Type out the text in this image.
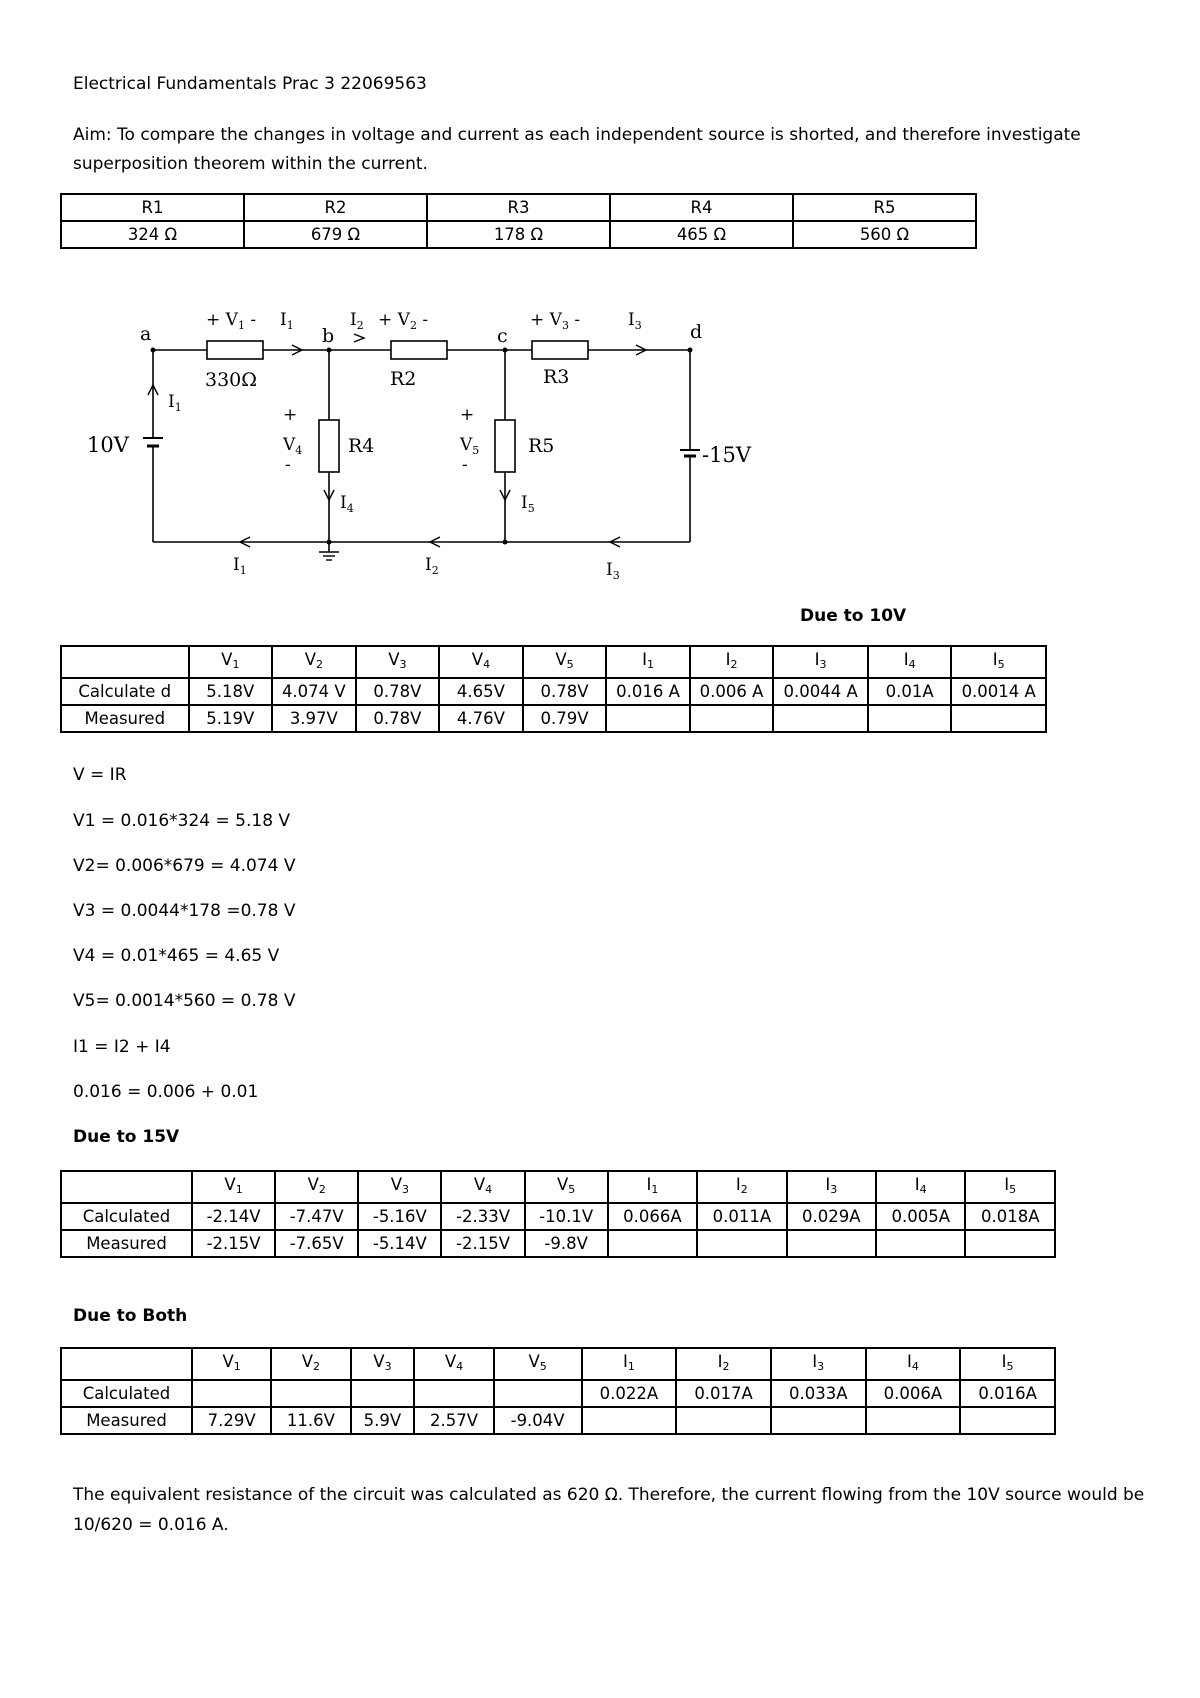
Electrical Fundamentals Prac 3 22069563
Aim: To compare the changes in voltage and current as each independent source is shorted, and therefore investigate superposition theorem within the current.
R1	R2	R3	R4	R5
324 Ω	679 Ω	178 Ω	465 Ω	560 Ω
a	b	c	d
10V	-15V
330Ω	R2	R3
R4	R5
+ $V_1 - I_1$	$I_2 + V_2$ -	+ $V_3$ -	$I_3$
$I_1$	+
$V_4$
-
+
$V_5$
-
$I_4$	$I_5$
$I_1$	$I_2$	$I_3$
Due to 10V
	$V_1$	$V_2$	$V_3$	$V_4$	$V_5$	$I_1$	$I_2$	$I_3$	$I_4$	$I_5$
Calculate d	5.18V	4.074 V	0.78V	4.65V	0.78V	0.016 A	0.006 A	0.0044 A	0.01A	0.0014 A
Measured	5.19V	3.97V	0.78V	4.76V	0.79V					
V = IR
V1 = 0.016*324 = 5.18 V
V2= 0.006*679 = 4.074 V
V3 = 0.0044*178 =0.78 V
V4 = 0.01*465 = 4.65 V
V5= 0.0014*560 = 0.78 V
I1 = I2 + I4
0.016 = 0.006 + 0.01
Due to 15V
	$V_1$	$V_2$	$V_3$	$V_4$	$V_5$	$I_1$	$I_2$	$I_3$	$I_4$	$I_5$
Calculated	-2.14V	-7.47V	-5.16V	-2.33V	-10.1V	0.066A	0.011A	0.029A	0.005A	0.018A
Measured	-2.15V	-7.65V	-5.14V	-2.15V	-9.8V					
Due to Both
	$V_1$	$V_2$	$V_3$	$V_4$	$V_5$	$I_1$	$I_2$	$I_3$	$I_4$	$I_5$
Calculated						0.022A	0.017A	0.033A	0.006A	0.016A
Measured	7.29V	11.6V	5.9V	2.57V	-9.04V					
The equivalent resistance of the circuit was calculated as 620 Ω. Therefore, the current flowing from the 10V source would be 10/620 = 0.016 A.
